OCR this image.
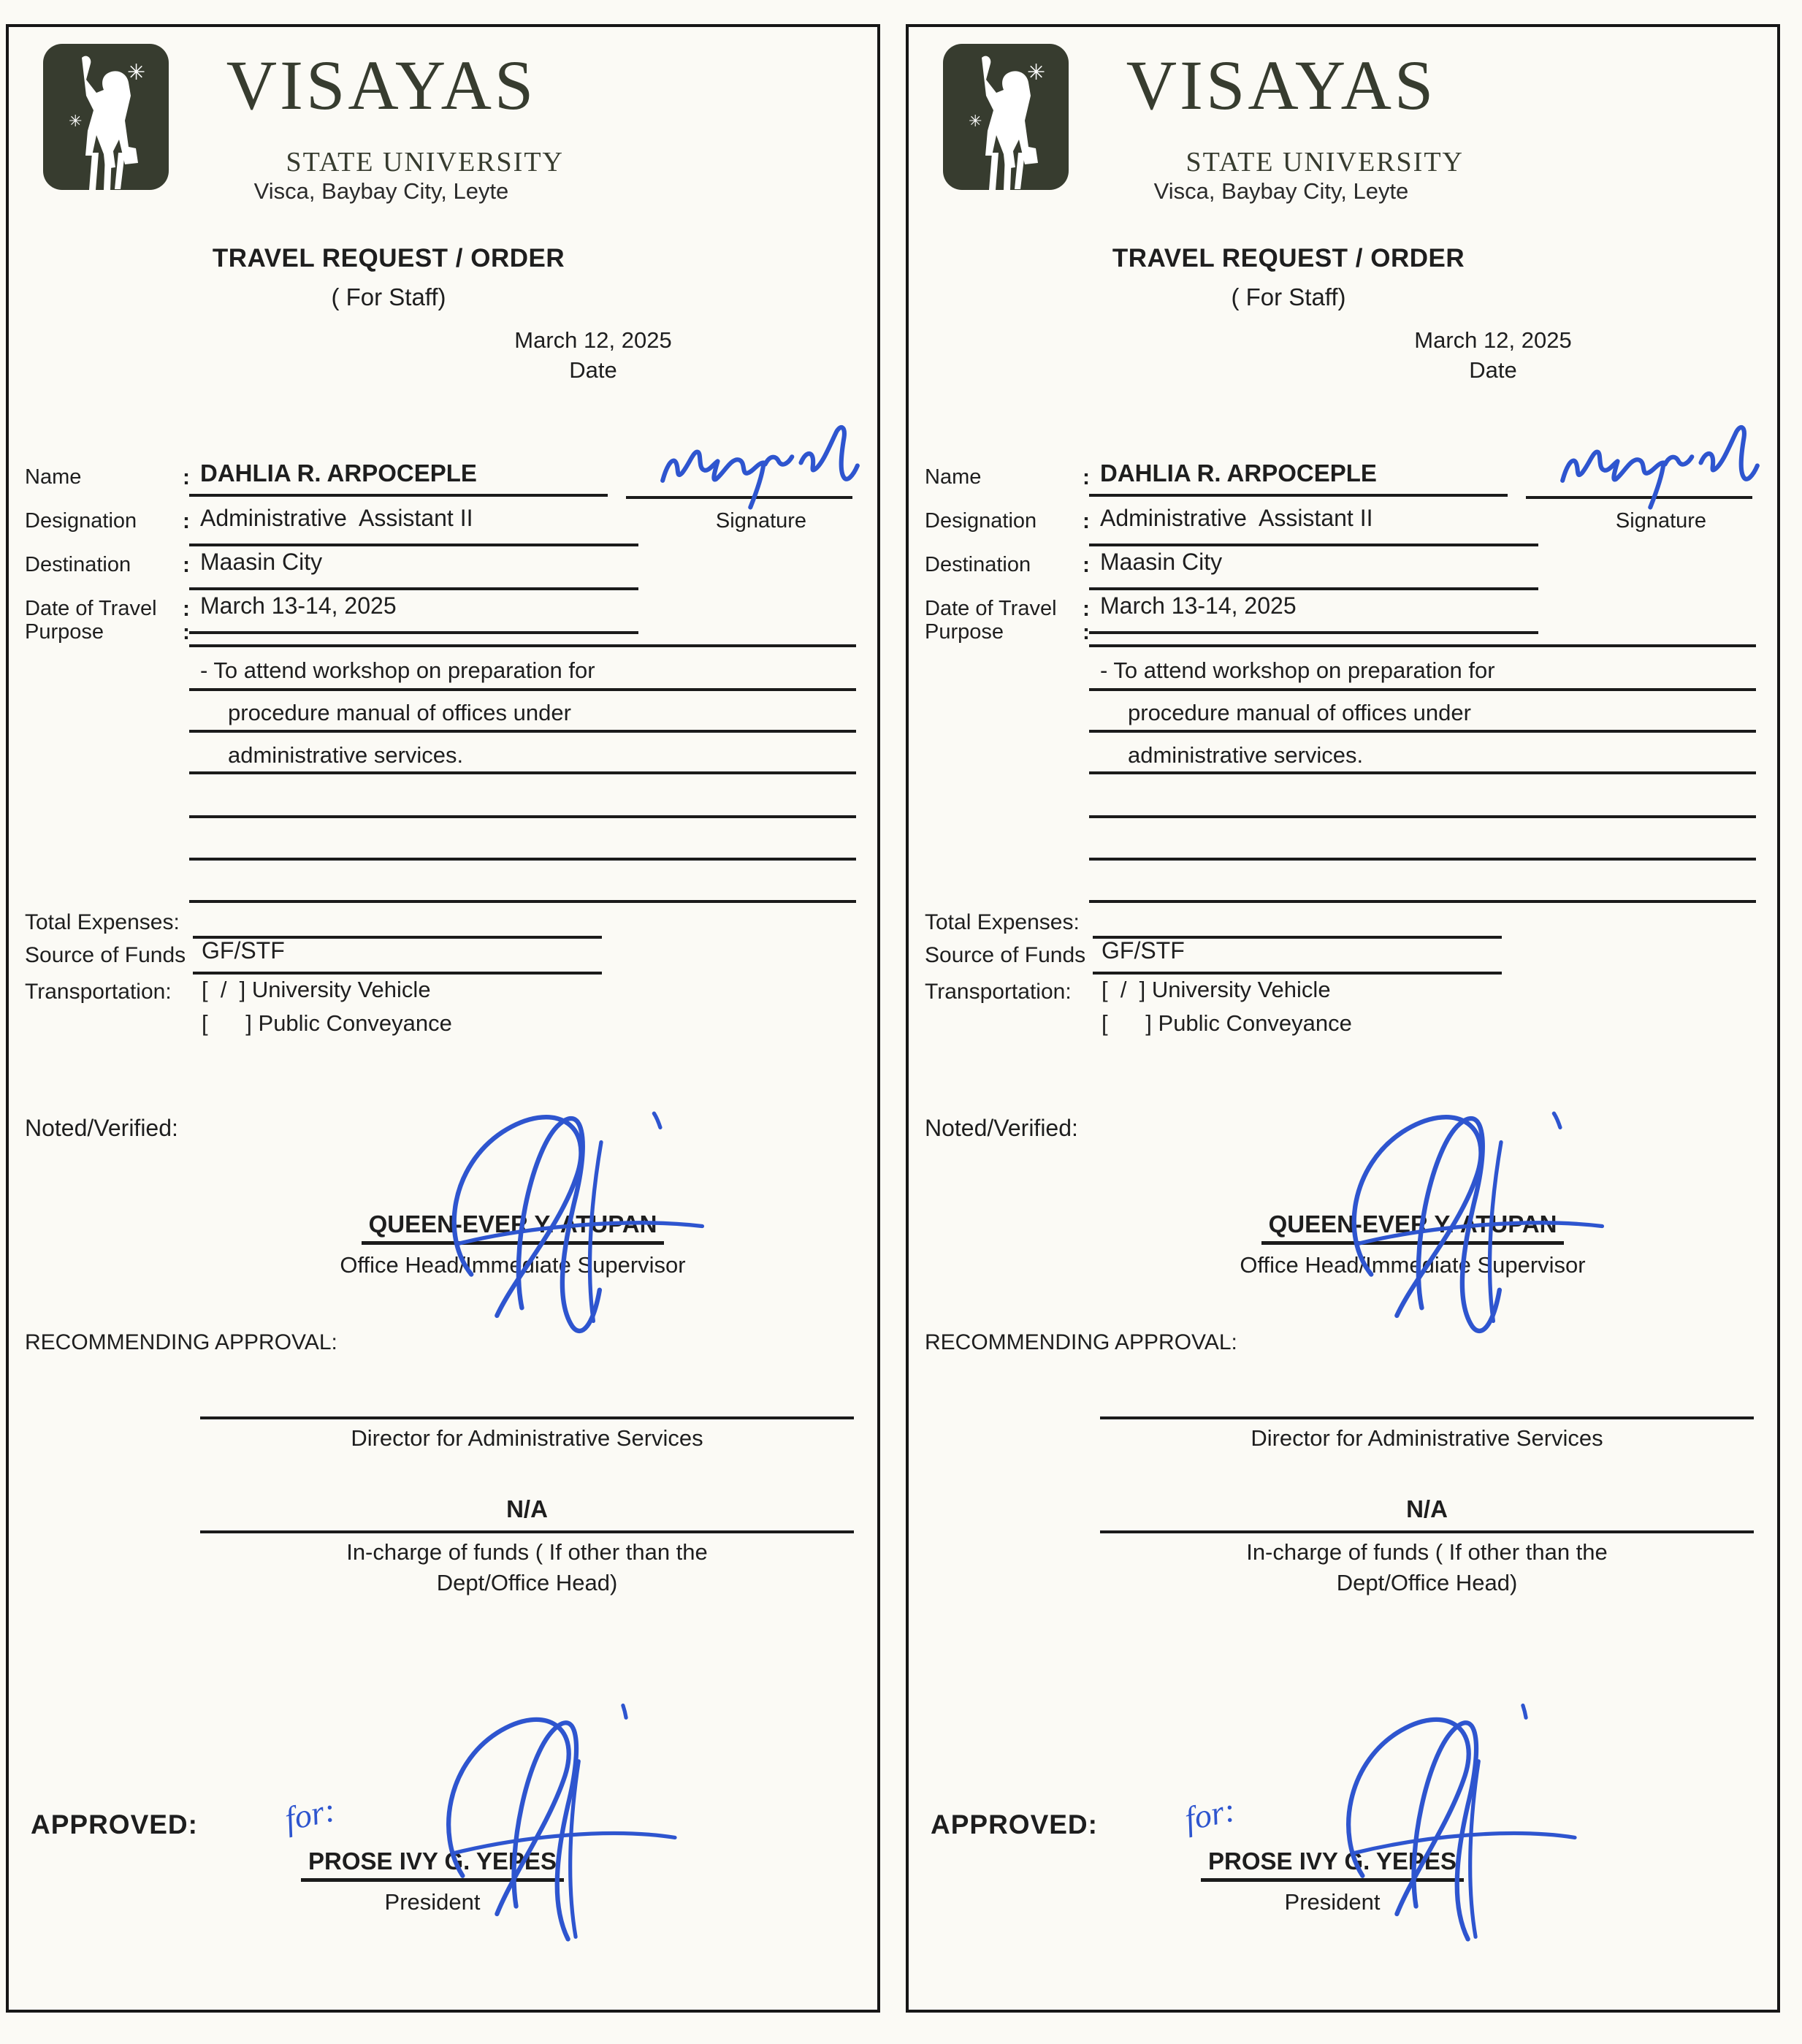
✳
✳
✳	VISAYAS
STATE UNIVERSITY
Visca, Baybay City, Leyte
TRAVEL REQUEST / ORDER
( For Staff)
March 12, 2025
Date
Name	: DAHLIA R. ARPOCEPLE
Signature
Designation : Administrative  Assistant II
Destination : Maasin City
Date of Travel : March 13-14, 2025
Purpose	:
- To attend workshop on preparation for
procedure manual of offices under
administrative services.
Total Expenses:
Source of Funds GF/STF
Transportation: [  /  ] University Vehicle
[      ] Public Conveyance
Noted/Verified:
QUEEN-EVER Y. ATUPAN
Office Head/Immediate Supervisor
RECOMMENDING APPROVAL:
Director for Administrative Services
N/A
In-charge of funds ( If other than the
Dept/Office Head)
APPROVED: for:
PROSE IVY G. YEPES
President
✳
✳
✳	VISAYAS
STATE UNIVERSITY
Visca, Baybay City, Leyte
TRAVEL REQUEST / ORDER
( For Staff)
March 12, 2025
Date
Name	: DAHLIA R. ARPOCEPLE
Signature
Designation : Administrative  Assistant II
Destination : Maasin City
Date of Travel : March 13-14, 2025
Purpose	:
- To attend workshop on preparation for
procedure manual of offices under
administrative services.
Total Expenses:
Source of Funds GF/STF
Transportation: [  /  ] University Vehicle
[      ] Public Conveyance
Noted/Verified:
QUEEN-EVER Y. ATUPAN
Office Head/Immediate Supervisor
RECOMMENDING APPROVAL:
Director for Administrative Services
N/A
In-charge of funds ( If other than the
Dept/Office Head)
APPROVED: for:
PROSE IVY G. YEPES
President
